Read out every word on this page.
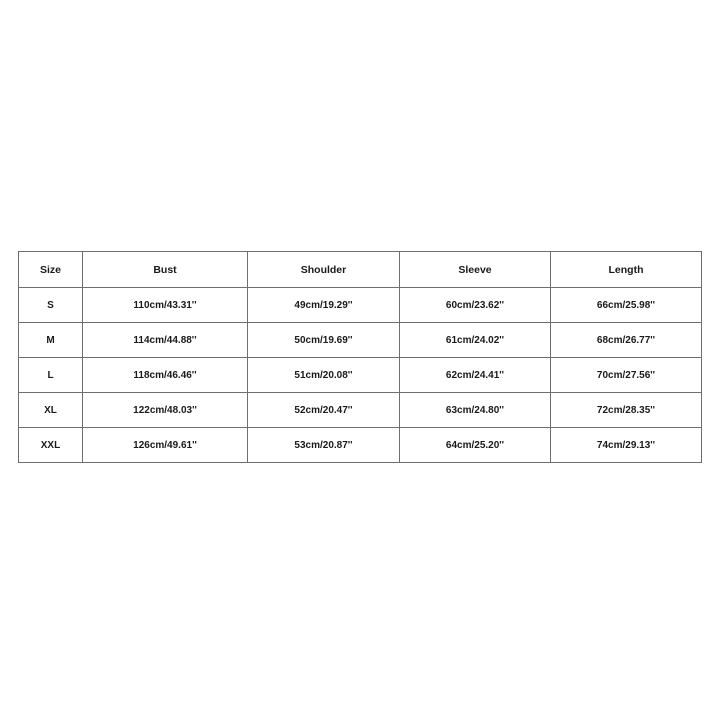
Size	Bust	Shoulder	Sleeve	Length
S	110cm/43.31''	49cm/19.29''	60cm/23.62''	66cm/25.98''
M	114cm/44.88''	50cm/19.69''	61cm/24.02''	68cm/26.77''
L	118cm/46.46''	51cm/20.08''	62cm/24.41''	70cm/27.56''
XL	122cm/48.03''	52cm/20.47''	63cm/24.80''	72cm/28.35''
XXL	126cm/49.61''	53cm/20.87''	64cm/25.20''	74cm/29.13''
